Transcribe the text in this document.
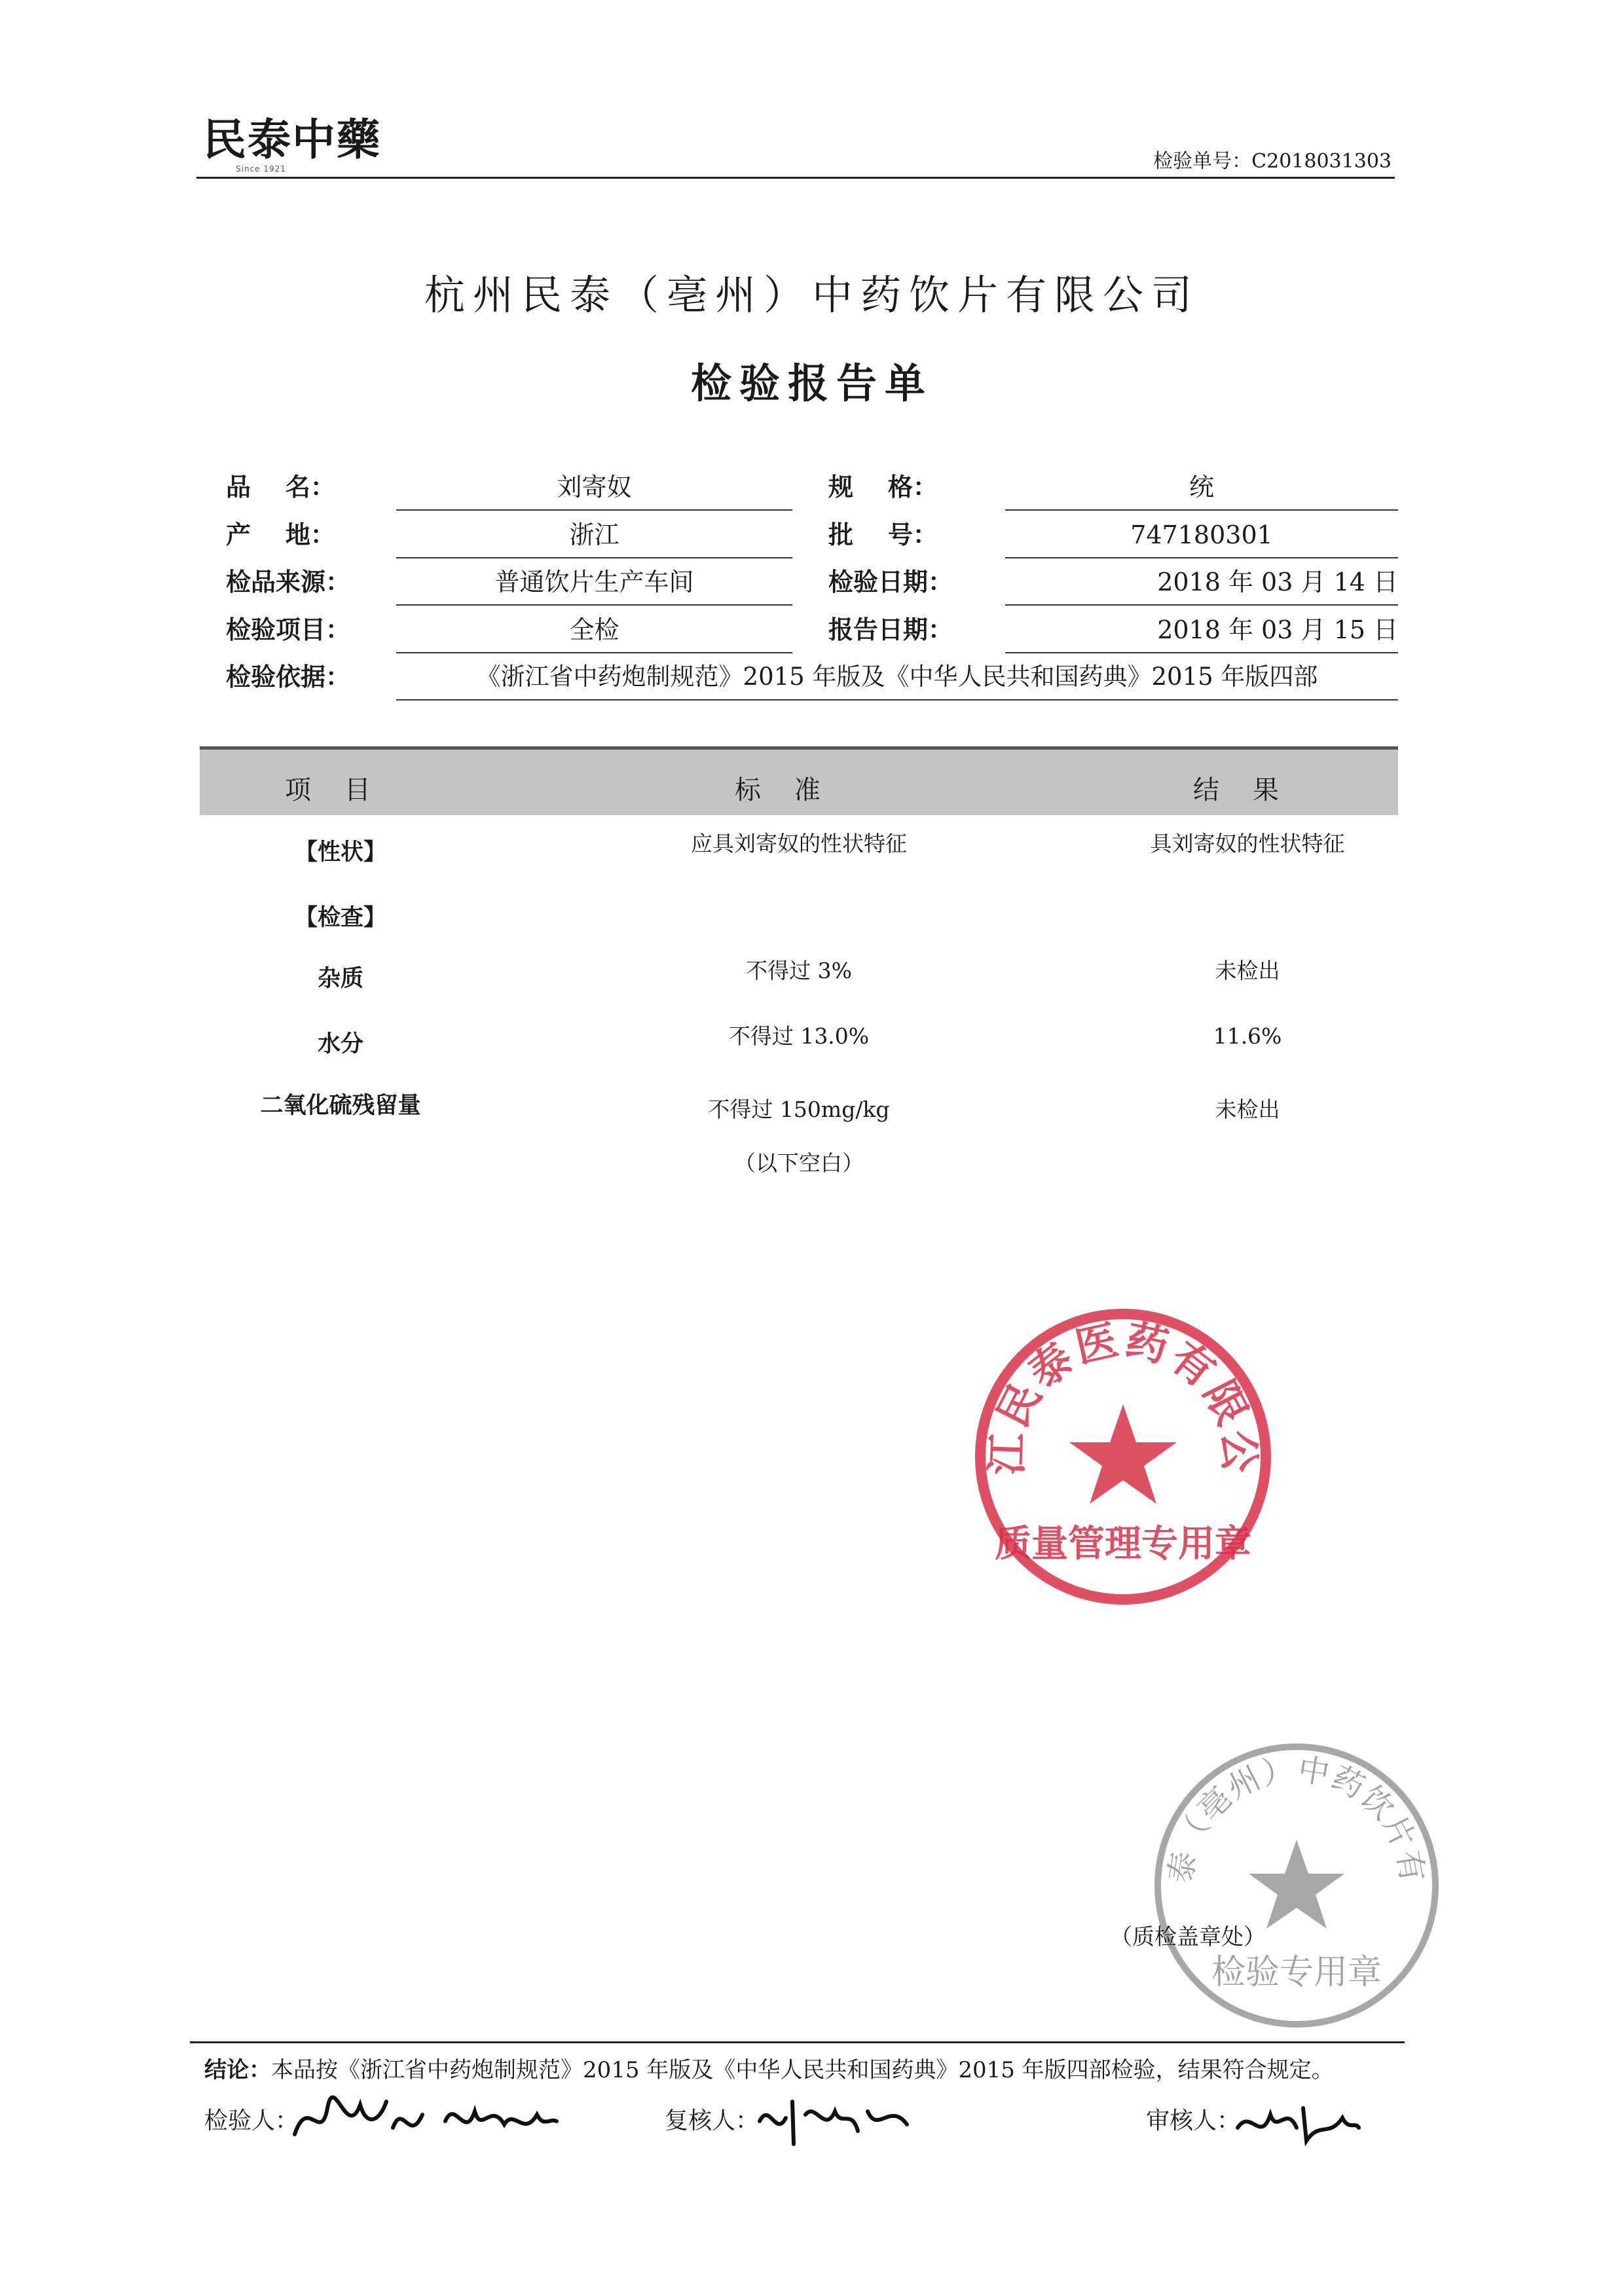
民泰中藥
Since 1921	检验单号：C2018031303
杭州民泰（亳州）中药饮片有限公司
检验报告单
品    名：	刘寄奴	规    格：	统
产    地：	浙江	批    号：	747180301
检品来源：	普通饮片生产车间	检验日期：	2018 年 03 月 14 日
检验项目：	全检	报告日期：	2018 年 03 月 15 日
检验依据：	《浙江省中药炮制规范》2015 年版及《中华人民共和国药典》2015 年版四部
项    目	标    准	结    果
【性状】	应具刘寄奴的性状特征	具刘寄奴的性状特征
【检查】
杂质	不得过 3%	未检出
水分	不得过 13.0%	11.6%
二氧化硫残留量	不得过 150mg/kg	未检出
（以下空白）
江民泰医药有限公
质量管理专用章
泰（亳州）中药饮片有
检验专用章
（质检盖章处）
结论：本品按《浙江省中药炮制规范》2015 年版及《中华人民共和国药典》2015 年版四部检验，结果符合规定。
检验人：	复核人：	审核人：
